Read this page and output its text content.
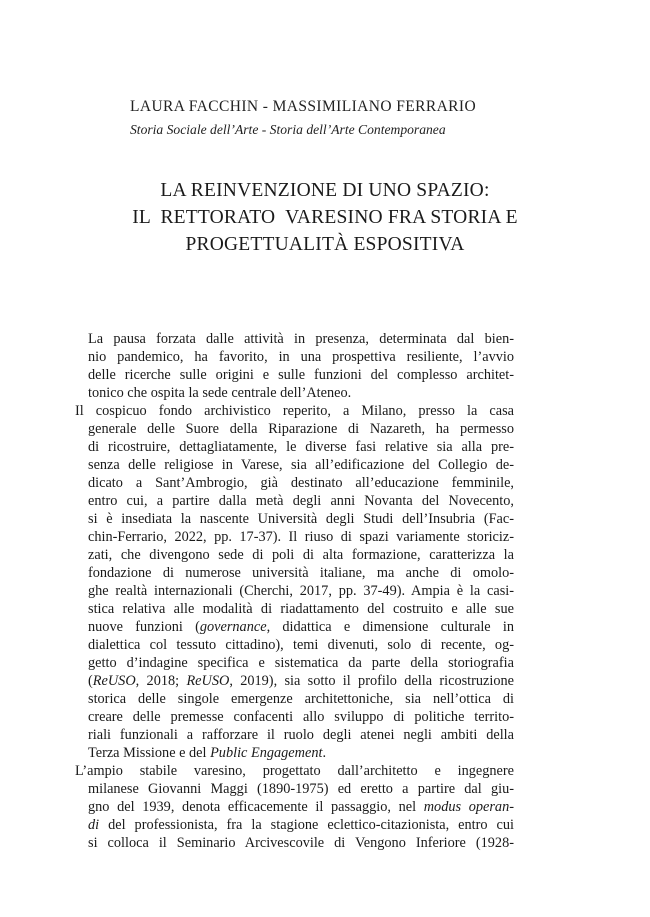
LAURA FACCHIN - MASSIMILIANO FERRARIO
Storia Sociale dell’Arte - Storia dell’Arte Contemporanea
LA REINVENZIONE DI UNO SPAZIO:
IL  RETTORATO  VARESINO FRA STORIA E
PROGETTUALITÀ ESPOSITIVA
La pausa forzata dalle attività in presenza, determinata dal bien-
nio pandemico, ha favorito, in una prospettiva resiliente, l’avvio
delle ricerche sulle origini e sulle funzioni del complesso architet-
tonico che ospita la sede centrale dell’Ateneo.
Il cospicuo fondo archivistico reperito, a Milano, presso la casa
generale delle Suore della Riparazione di Nazareth, ha permesso
di ricostruire, dettagliatamente, le diverse fasi relative sia alla pre-
senza delle religiose in Varese, sia all’edificazione del Collegio de-
dicato a Sant’Ambrogio, già destinato all’educazione femminile,
entro cui, a partire dalla metà degli anni Novanta del Novecento,
si è insediata la nascente Università degli Studi dell’Insubria (Fac-
chin-Ferrario, 2022, pp. 17-37). Il riuso di spazi variamente storiciz-
zati, che divengono sede di poli di alta formazione, caratterizza la
fondazione di numerose università italiane, ma anche di omolo-
ghe realtà internazionali (Cherchi, 2017, pp. 37-49). Ampia è la casi-
stica relativa alle modalità di riadattamento del costruito e alle sue
nuove funzioni (governance, didattica e dimensione culturale in
dialettica col tessuto cittadino), temi divenuti, solo di recente, og-
getto d’indagine specifica e sistematica da parte della storiografia
(ReUSO, 2018; ReUSO, 2019), sia sotto il profilo della ricostruzione
storica delle singole emergenze architettoniche, sia nell’ottica di
creare delle premesse confacenti allo sviluppo di politiche territo-
riali funzionali a rafforzare il ruolo degli atenei negli ambiti della
Terza Missione e del Public Engagement.
L’ampio stabile varesino, progettato dall’architetto e ingegnere
milanese Giovanni Maggi (1890-1975) ed eretto a partire dal giu-
gno del 1939, denota efficacemente il passaggio, nel modus operan-
di del professionista, fra la stagione eclettico-citazionista, entro cui
si colloca il Seminario Arcivescovile di Vengono Inferiore (1928-
